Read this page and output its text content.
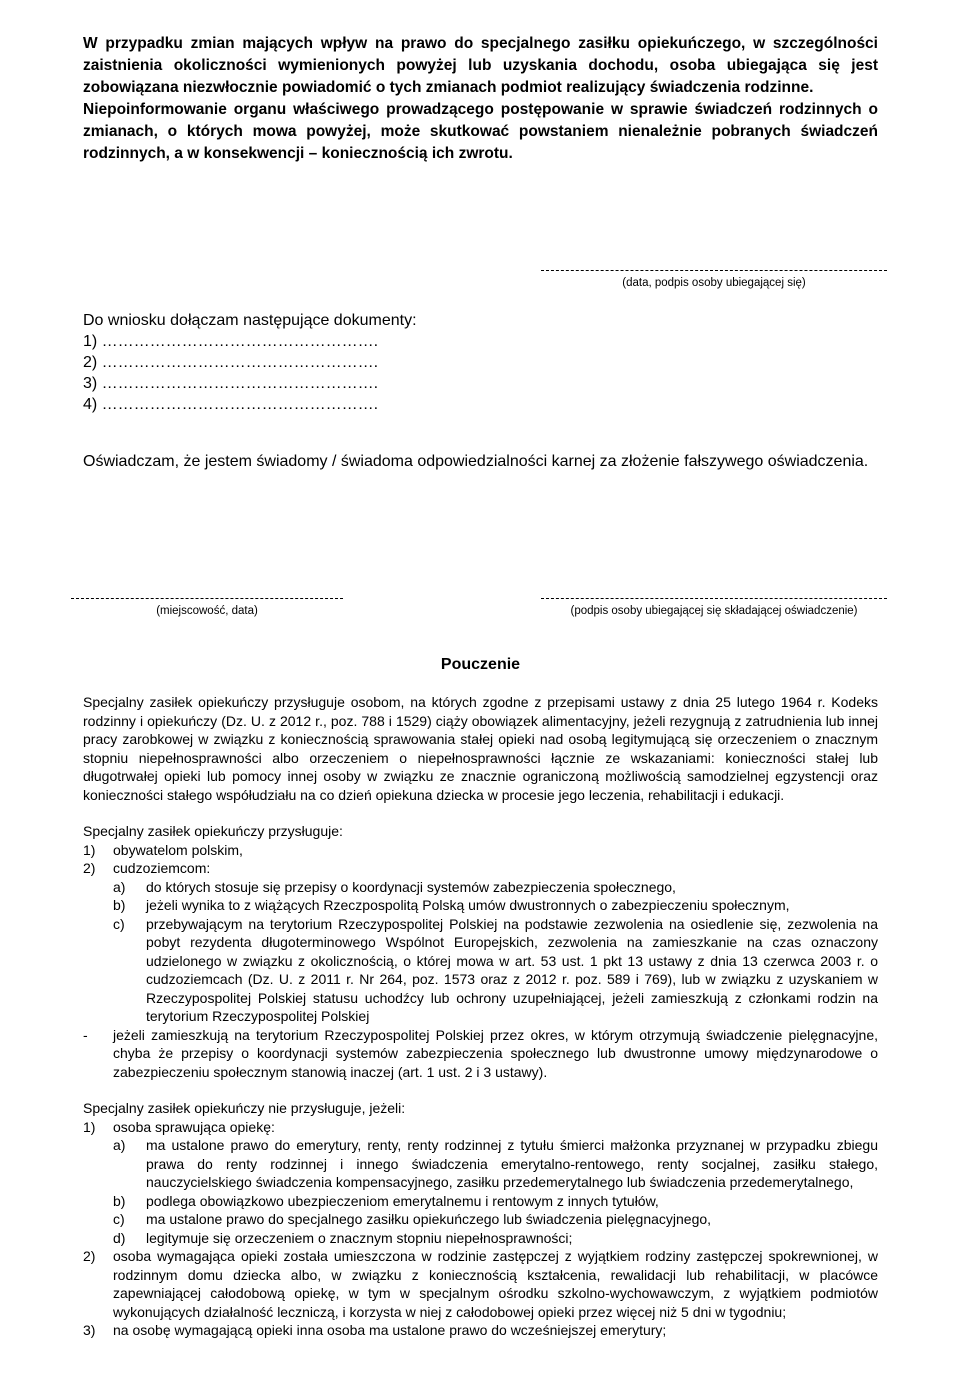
W przypadku zmian mających wpływ na prawo do specjalnego zasiłku opiekuńczego, w szczególności zaistnienia okoliczności wymienionych powyżej lub uzyskania dochodu, osoba ubiegająca się jest zobowiązana niezwłocznie powiadomić o tych zmianach podmiot realizujący świadczenia rodzinne.

Niepoinformowanie organu właściwego prowadzącego postępowanie w sprawie świadczeń rodzinnych o zmianach, o których mowa powyżej, może skutkować powstaniem nienależnie pobranych świadczeń rodzinnych, a w konsekwencji – koniecznością ich zwrotu.

(data, podpis osoby ubiegającej się)
Do wniosku dołączam następujące dokumenty:
1) …………………………………………….
2) …………………………………………….
3) …………………………………………….
4) …………………………………………….
Oświadczam, że jestem świadomy / świadoma odpowiedzialności karnej za złożenie fałszywego oświadczenia.
(miejscowość, data)	(podpis osoby ubiegającej się składającej oświadczenie)
Pouczenie

Specjalny zasiłek opiekuńczy przysługuje osobom, na których zgodne z przepisami ustawy z dnia 25 lutego 1964 r. Kodeks rodzinny i opiekuńczy (Dz. U. z 2012 r., poz. 788 i 1529) ciąży obowiązek alimentacyjny, jeżeli rezygnują z zatrudnienia lub innej pracy zarobkowej w związku z koniecznością sprawowania stałej opieki nad osobą legitymującą się orzeczeniem o znacznym stopniu niepełnosprawności albo orzeczeniem o niepełnosprawności łącznie ze wskazaniami: konieczności stałej lub długotrwałej opieki lub pomocy innej osoby w związku ze znacznie ograniczoną możliwością samodzielnej egzystencji oraz konieczności stałego współudziału na co dzień opiekuna dziecka w procesie jego leczenia, rehabilitacji i edukacji.

Specjalny zasiłek opiekuńczy przysługuje:

1)	obywatelom polskim,
2)	cudzoziemcom:
a)	do których stosuje się przepisy o koordynacji systemów zabezpieczenia społecznego,
b)	jeżeli wynika to z wiążących Rzeczpospolitą Polską umów dwustronnych o zabezpieczeniu społecznym,
c)	przebywającym na terytorium Rzeczypospolitej Polskiej na podstawie zezwolenia na osiedlenie się, zezwolenia na pobyt rezydenta długoterminowego Wspólnot Europejskich, zezwolenia na zamieszkanie na czas oznaczony udzielonego w związku z okolicznością, o której mowa w art. 53 ust. 1 pkt 13 ustawy z dnia 13 czerwca 2003 r. o cudzoziemcach (Dz. U. z 2011 r. Nr 264, poz. 1573 oraz z 2012 r. poz. 589 i 769), lub w związku z uzyskaniem w Rzeczypospolitej Polskiej statusu uchodźcy lub ochrony uzupełniającej, jeżeli zamieszkują z członkami rodzin na terytorium Rzeczypospolitej Polskiej
-	jeżeli zamieszkują na terytorium Rzeczypospolitej Polskiej przez okres, w którym otrzymują świadczenie pielęgnacyjne, chyba że przepisy o koordynacji systemów zabezpieczenia społecznego lub dwustronne umowy międzynarodowe o zabezpieczeniu społecznym stanowią inaczej (art. 1 ust. 2 i 3 ustawy).

Specjalny zasiłek opiekuńczy nie przysługuje, jeżeli:

1)	osoba sprawująca opiekę:
a)	ma ustalone prawo do emerytury, renty, renty rodzinnej z tytułu śmierci małżonka przyznanej w przypadku zbiegu prawa do renty rodzinnej i innego świadczenia emerytalno-rentowego, renty socjalnej, zasiłku stałego, nauczycielskiego świadczenia kompensacyjnego, zasiłku przedemerytalnego lub świadczenia przedemerytalnego,
b)	podlega obowiązkowo ubezpieczeniom emerytalnemu i rentowym z innych tytułów,
c)	ma ustalone prawo do specjalnego zasiłku opiekuńczego lub świadczenia pielęgnacyjnego,
d)	legitymuje się orzeczeniem o znacznym stopniu niepełnosprawności;
2)	osoba wymagająca opieki została umieszczona w rodzinie zastępczej z wyjątkiem rodziny zastępczej spokrewnionej, w rodzinnym domu dziecka albo, w związku z koniecznością kształcenia, rewalidacji lub rehabilitacji, w placówce zapewniającej całodobową opiekę, w tym w specjalnym ośrodku szkolno-wychowawczym, z wyjątkiem podmiotów wykonujących działalność leczniczą, i korzysta w niej z całodobowej opieki przez więcej niż 5 dni w tygodniu;
3)	na osobę wymagającą opieki inna osoba ma ustalone prawo do wcześniejszej emerytury;
